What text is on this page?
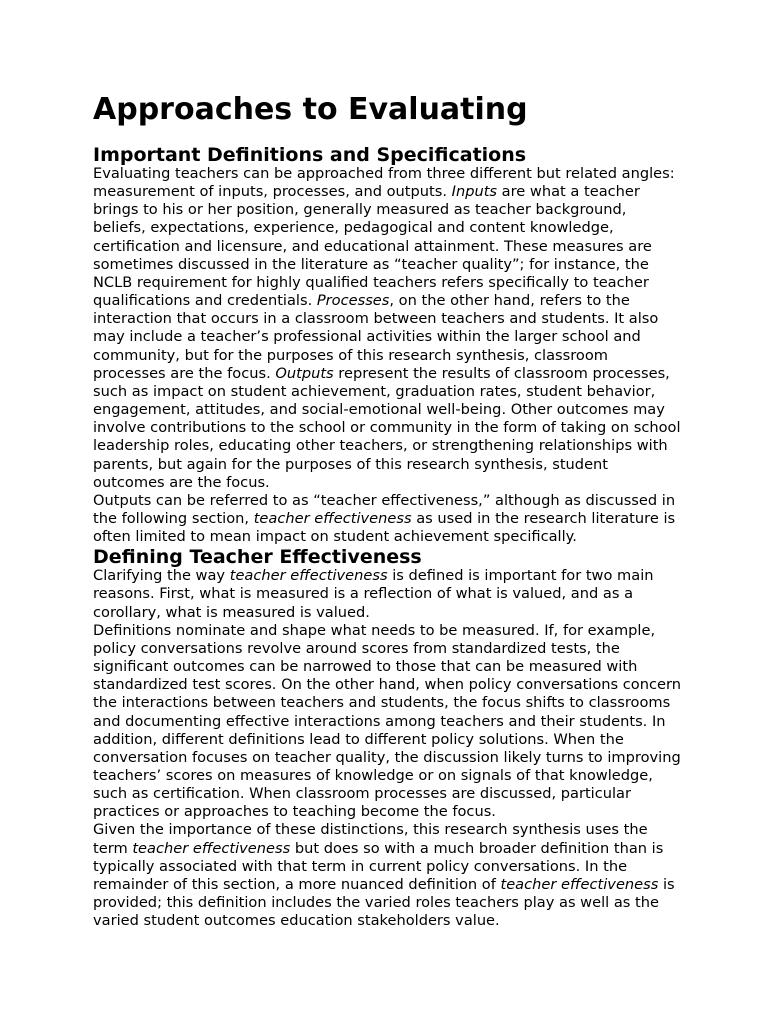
Approaches to Evaluating
Important Definitions and Specifications

Evaluating teachers can be approached from three different but related angles: measurement of inputs, processes, and outputs. Inputs are what a teacher brings to his or her position, generally measured as teacher background, beliefs, expectations, experience, pedagogical and content knowledge, certification and licensure, and educational attainment. These measures are sometimes discussed in the literature as “teacher quality”; for instance, the NCLB requirement for highly qualified teachers refers specifically to teacher qualifications and credentials. Processes, on the other hand, refers to the interaction that occurs in a classroom between teachers and students. It also may include a teacher’s professional activities within the larger school and community, but for the purposes of this research synthesis, classroom processes are the focus. Outputs represent the results of classroom processes, such as impact on student achievement, graduation rates, student behavior, engagement, attitudes, and social-emotional well-being. Other outcomes may involve contributions to the school or community in the form of taking on school leadership roles, educating other teachers, or strengthening relationships with parents, but again for the purposes of this research synthesis, student outcomes are the focus.

Outputs can be referred to as “teacher effectiveness,” although as discussed in the following section, teacher effectiveness as used in the research literature is often limited to mean impact on student achievement specifically.

Defining Teacher Effectiveness

Clarifying the way teacher effectiveness is defined is important for two main reasons. First, what is measured is a reflection of what is valued, and as a corollary, what is measured is valued.

Definitions nominate and shape what needs to be measured. If, for example, policy conversations revolve around scores from standardized tests, the significant outcomes can be narrowed to those that can be measured with standardized test scores. On the other hand, when policy conversations concern the interactions between teachers and students, the focus shifts to classrooms and documenting effective interactions among teachers and their students. In addition, different definitions lead to different policy solutions. When the conversation focuses on teacher quality, the discussion likely turns to improving teachers’ scores on measures of knowledge or on signals of that knowledge, such as certification. When classroom processes are discussed, particular practices or approaches to teaching become the focus.

Given the importance of these distinctions, this research synthesis uses the term teacher effectiveness but does so with a much broader definition than is typically associated with that term in current policy conversations. In the remainder of this section, a more nuanced definition of teacher effectiveness is provided; this definition includes the varied roles teachers play as well as the varied student outcomes education stakeholders value.
